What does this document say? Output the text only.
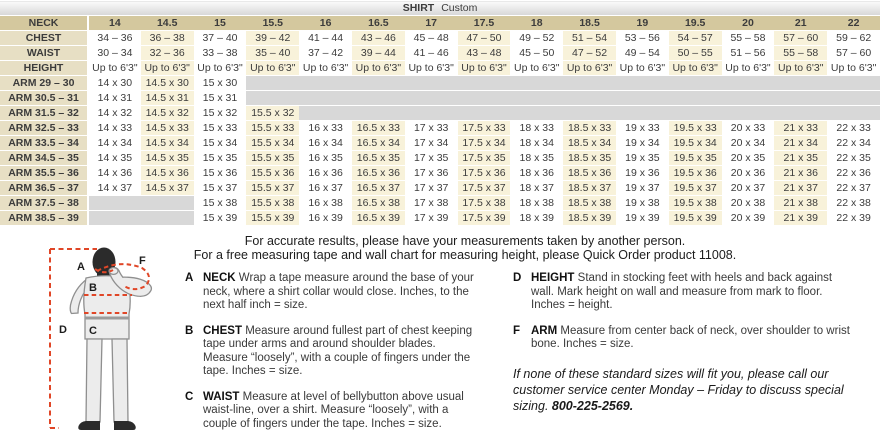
SHIRT Custom															
NECK	14	14.5	15	15.5	16	16.5	17	17.5	18	18.5	19	19.5	20	21	22
CHEST	34 – 36	36 – 38	37 – 40	39 – 42	41 – 44	43 – 46	45 – 48	47 – 50	49 – 52	51 – 54	53 – 56	54 – 57	55 – 58	57 – 60	59 – 62
WAIST	30 – 34	32 – 36	33 – 38	35 – 40	37 – 42	39 – 44	41 – 46	43 – 48	45 – 50	47 – 52	49 – 54	50 – 55	51 – 56	55 – 58	57 – 60
HEIGHT	Up to 6'3"	Up to 6'3"	Up to 6'3"	Up to 6'3"	Up to 6'3"	Up to 6'3"	Up to 6'3"	Up to 6'3"	Up to 6'3"	Up to 6'3"	Up to 6'3"	Up to 6'3"	Up to 6'3"	Up to 6'3"	Up to 6'3"
ARM 29 – 30	14 x 30	14.5 x 30	15 x 30												
ARM 30.5 – 31	14 x 31	14.5 x 31	15 x 31												
ARM 31.5 – 32	14 x 32	14.5 x 32	15 x 32	15.5 x 32											
ARM 32.5 – 33	14 x 33	14.5 x 33	15 x 33	15.5 x 33	16 x 33	16.5 x 33	17 x 33	17.5 x 33	18 x 33	18.5 x 33	19 x 33	19.5 x 33	20 x 33	21 x 33	22 x 33
ARM 33.5 – 34	14 x 34	14.5 x 34	15 x 34	15.5 x 34	16 x 34	16.5 x 34	17 x 34	17.5 x 34	18 x 34	18.5 x 34	19 x 34	19.5 x 34	20 x 34	21 x 34	22 x 34
ARM 34.5 – 35	14 x 35	14.5 x 35	15 x 35	15.5 x 35	16 x 35	16.5 x 35	17 x 35	17.5 x 35	18 x 35	18.5 x 35	19 x 35	19.5 x 35	20 x 35	21 x 35	22 x 35
ARM 35.5 – 36	14 x 36	14.5 x 36	15 x 36	15.5 x 36	16 x 36	16.5 x 36	17 x 36	17.5 x 36	18 x 36	18.5 x 36	19 x 36	19.5 x 36	20 x 36	21 x 36	22 x 36
ARM 36.5 – 37	14 x 37	14.5 x 37	15 x 37	15.5 x 37	16 x 37	16.5 x 37	17 x 37	17.5 x 37	18 x 37	18.5 x 37	19 x 37	19.5 x 37	20 x 37	21 x 37	22 x 37
ARM 37.5 – 38			15 x 38	15.5 x 38	16 x 38	16.5 x 38	17 x 38	17.5 x 38	18 x 38	18.5 x 38	19 x 38	19.5 x 38	20 x 38	21 x 38	22 x 38
ARM 38.5 – 39			15 x 39	15.5 x 39	16 x 39	16.5 x 39	17 x 39	17.5 x 39	18 x 39	18.5 x 39	19 x 39	19.5 x 39	20 x 39	21 x 39	22 x 39
For accurate results, please have your measurements taken by another person.
For a free measuring tape and wall chart for measuring height, please Quick Order product 11008.
A
B
C
D
F
A NECK Wrap a tape measure around the base of your neck, where a shirt collar would close. Inches, to the next half inch = size.
B CHEST Measure around fullest part of chest keeping tape under arms and around shoulder blades. Measure “loosely”, with a couple of fingers under the tape. Inches = size.
C WAIST Measure at level of bellybutton above usual waist-line, over a shirt. Measure “loosely”, with a couple of fingers under the tape. Inches = size.
D HEIGHT Stand in stocking feet with heels and back against wall. Mark height on wall and measure from mark to floor. Inches = height.
F ARM Measure from center back of neck, over shoulder to wrist bone. Inches = size.
If none of these standard sizes will fit you, please call our customer service center Monday – Friday to discuss special sizing. 800-225-2569.
